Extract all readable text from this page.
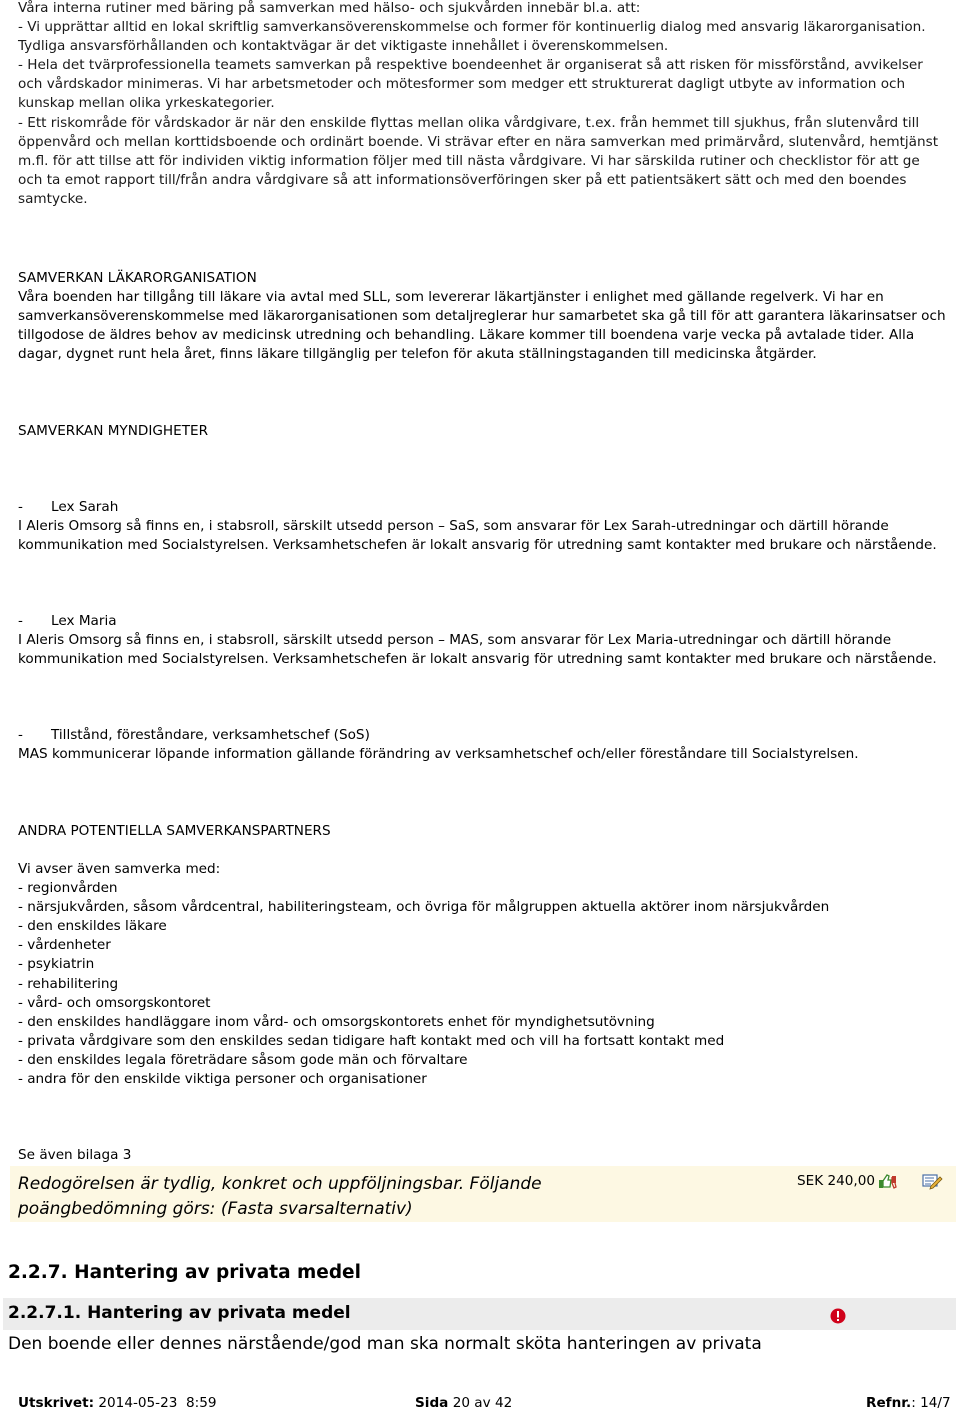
Våra interna rutiner med bäring på samverkan med hälso- och sjukvården innebär bl.a. att:

- Vi upprättar alltid en lokal skriftlig samverkansöverenskommelse och former för kontinuerlig dialog med ansvarig läkarorganisation. Tydliga ansvarsförhållanden och kontaktvägar är det viktigaste innehållet i överenskommelsen.

- Hela det tvärprofessionella teamets samverkan på respektive boendeenhet är organiserat så att risken för missförstånd, avvikelser och vårdskador minimeras. Vi har arbetsmetoder och mötesformer som medger ett strukturerat dagligt utbyte av information och kunskap mellan olika yrkeskategorier.

- Ett riskområde för vårdskador är när den enskilde flyttas mellan olika vårdgivare, t.ex. från hemmet till sjukhus, från slutenvård till öppenvård och mellan korttidsboende och ordinärt boende. Vi strävar efter en nära samverkan med primärvård, slutenvård, hemtjänst m.fl. för att tillse att för individen viktig information följer med till nästa vårdgivare. Vi har särskilda rutiner och checklistor för att ge och ta emot rapport till/från andra vårdgivare så att informationsöverföringen sker på ett patientsäkert sätt och med den boendes samtycke.

SAMVERKAN LÄKARORGANISATION
Våra boenden har tillgång till läkare via avtal med SLL, som levererar läkartjänster i enlighet med gällande regelverk. Vi har en samverkansöverenskommelse med läkarorganisationen som detaljreglerar hur samarbetet ska gå till för att garantera läkarinsatser och tillgodose de äldres behov av medicinsk utredning och behandling. Läkare kommer till boendena varje vecka på avtalade tider. Alla dagar, dygnet runt hela året, finns läkare tillgänglig per telefon för akuta ställningstaganden till medicinska åtgärder.
SAMVERKAN MYNDIGHETER
-	Lex Sarah
I Aleris Omsorg så finns en, i stabsroll, särskilt utsedd person – SaS, som ansvarar för Lex Sarah-utredningar och därtill hörande kommunikation med Socialstyrelsen. Verksamhetschefen är lokalt ansvarig för utredning samt kontakter med brukare och närstående.
-	Lex Maria
I Aleris Omsorg så finns en, i stabsroll, särskilt utsedd person – MAS, som ansvarar för Lex Maria-utredningar och därtill hörande kommunikation med Socialstyrelsen. Verksamhetschefen är lokalt ansvarig för utredning samt kontakter med brukare och närstående.
-	Tillstånd, föreståndare, verksamhetschef (SoS)
MAS kommunicerar löpande information gällande förändring av verksamhetschef och/eller föreståndare till Socialstyrelsen.
ANDRA POTENTIELLA SAMVERKANSPARTNERS

Vi avser även samverka med:

- regionvården

- närsjukvården, såsom vårdcentral, habiliteringsteam, och övriga för målgruppen aktuella aktörer inom närsjukvården

- den enskildes läkare

- vårdenheter

- psykiatrin

- rehabilitering

- vård- och omsorgskontoret

- den enskildes handläggare inom vård- och omsorgskontorets enhet för myndighetsutövning

- privata vårdgivare som den enskildes sedan tidigare haft kontakt med och vill ha fortsatt kontakt med

- den enskildes legala företrädare såsom gode män och förvaltare

- andra för den enskilde viktiga personer och organisationer

Se även bilaga 3
Redogörelsen är tydlig, konkret och uppföljningsbar. Följande poängbedömning görs: (Fasta svarsalternativ)
SEK 240,00
2.2.7. Hantering av privata medel
2.2.7.1. Hantering av privata medel
Den boende eller dennes närstående/god man ska normalt sköta hanteringen av privata
Utskrivet: 2014-05-23  8:59	Sida 20 av 42	Refnr.: 14/7
